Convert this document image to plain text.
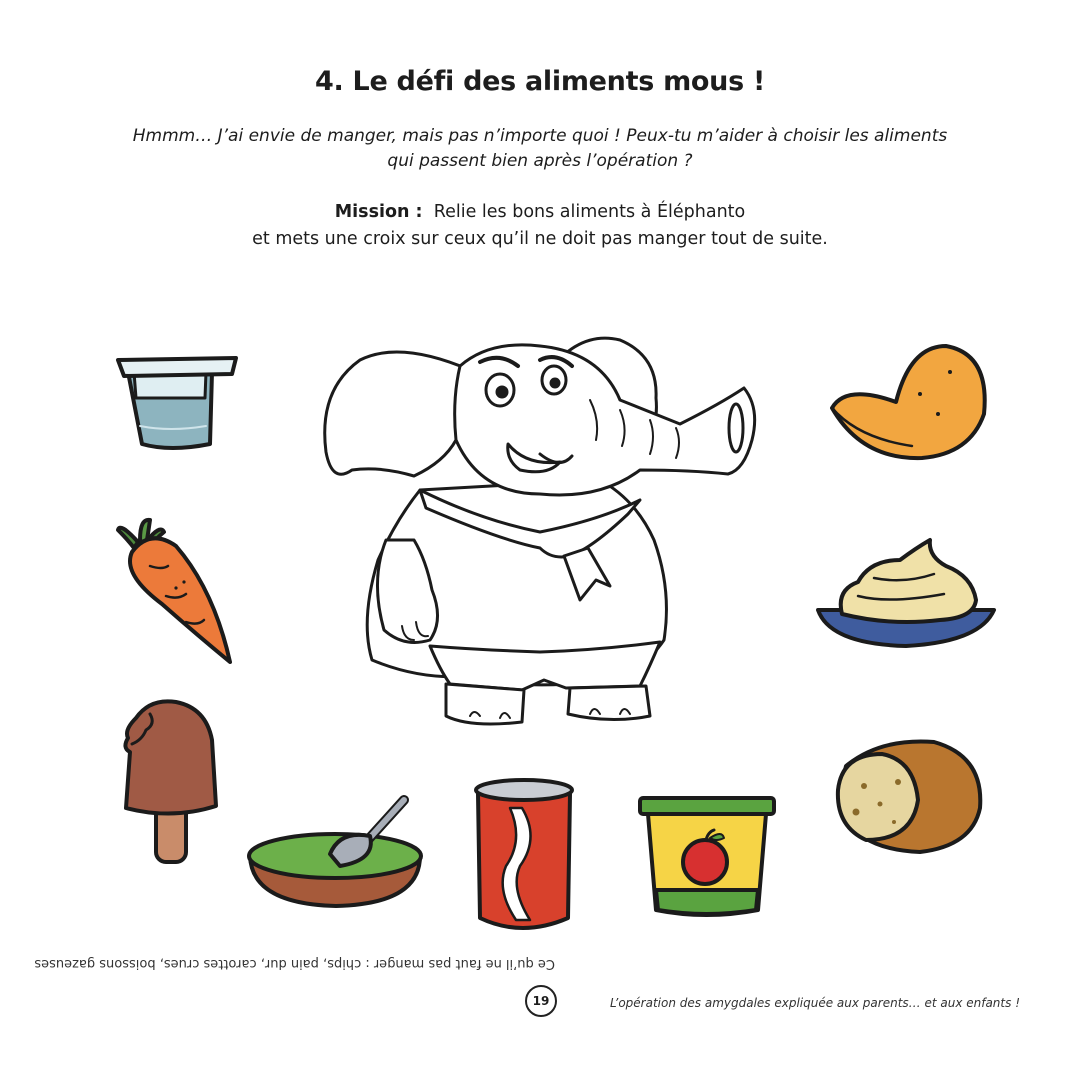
4. Le défi des aliments mous !
Hmmm… J’ai envie de manger, mais pas n’importe quoi ! Peux-tu m’aider à choisir les aliments
qui passent bien après l’opération ?
Mission : Relie les bons aliments à Éléphanto
et mets une croix sur ceux qu’il ne doit pas manger tout de suite.
Ce qu’il ne faut pas manger : chips, pain dur, carottes crues, boissons gazeuses
19	L’opération des amygdales expliquée aux parents… et aux enfants !
